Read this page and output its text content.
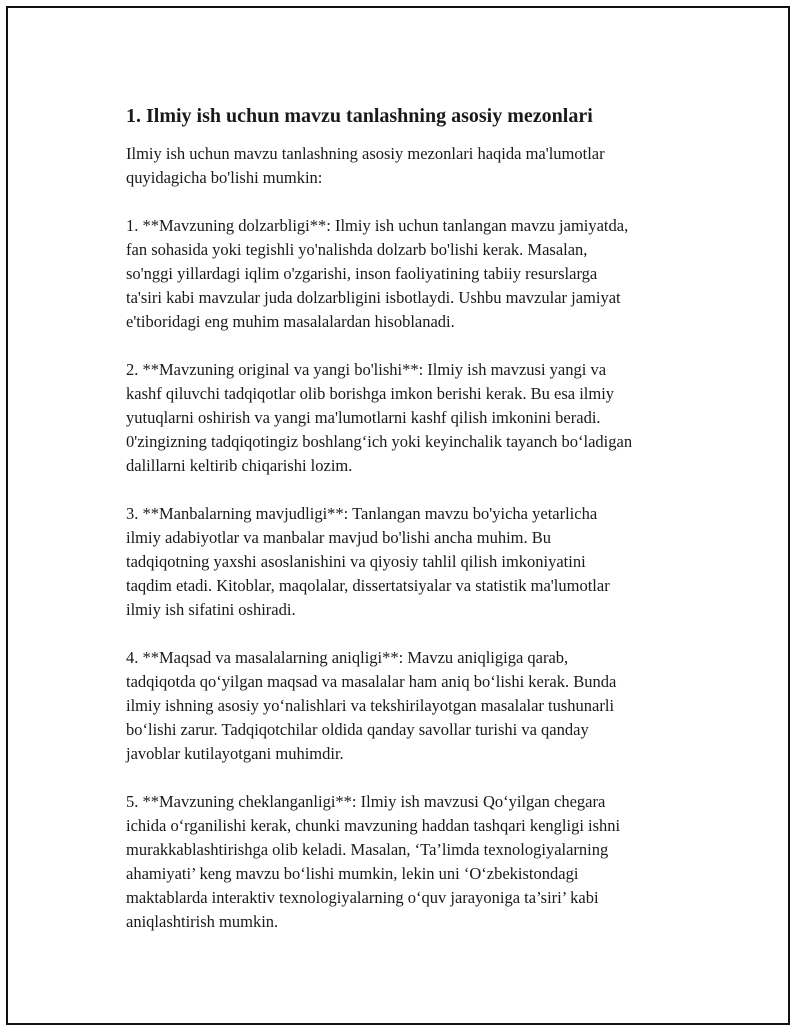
1. Ilmiy ish uchun mavzu tanlashning asosiy mezonlari

Ilmiy ish uchun mavzu tanlashning asosiy mezonlari haqida ma'lumotlar
quyidagicha bo'lishi mumkin:

1. **Mavzuning dolzarbligi**: Ilmiy ish uchun tanlangan mavzu jamiyatda,
fan sohasida yoki tegishli yo'nalishda dolzarb bo'lishi kerak. Masalan,
so'nggi yillardagi iqlim o'zgarishi, inson faoliyatining tabiiy resurslarga
ta'siri kabi mavzular juda dolzarbligini isbotlaydi. Ushbu mavzular jamiyat
e'tiboridagi eng muhim masalalardan hisoblanadi.

2. **Mavzuning original va yangi bo'lishi**: Ilmiy ish mavzusi yangi va
kashf qiluvchi tadqiqotlar olib borishga imkon berishi kerak. Bu esa ilmiy
yutuqlarni oshirish va yangi ma'lumotlarni kashf qilish imkonini beradi.
0'zingizning tadqiqotingiz boshlang‘ich yoki keyinchalik tayanch bo‘ladigan
dalillarni keltirib chiqarishi lozim.

3. **Manbalarning mavjudligi**: Tanlangan mavzu bo'yicha yetarlicha
ilmiy adabiyotlar va manbalar mavjud bo'lishi ancha muhim. Bu
tadqiqotning yaxshi asoslanishini va qiyosiy tahlil qilish imkoniyatini
taqdim etadi. Kitoblar, maqolalar, dissertatsiyalar va statistik ma'lumotlar
ilmiy ish sifatini oshiradi.

4. **Maqsad va masalalarning aniqligi**: Mavzu aniqligiga qarab,
tadqiqotda qo‘yilgan maqsad va masalalar ham aniq bo‘lishi kerak. Bunda
ilmiy ishning asosiy yo‘nalishlari va tekshirilayotgan masalalar tushunarli
bo‘lishi zarur. Tadqiqotchilar oldida qanday savollar turishi va qanday
javoblar kutilayotgani muhimdir.

5. **Mavzuning cheklanganligi**: Ilmiy ish mavzusi Qo‘yilgan chegara
ichida o‘rganilishi kerak, chunki mavzuning haddan tashqari kengligi ishni
murakkablashtirishga olib keladi. Masalan, ‘Ta’limda texnologiyalarning
ahamiyati’ keng mavzu bo‘lishi mumkin, lekin uni ‘O‘zbekistondagi
maktablarda interaktiv texnologiyalarning o‘quv jarayoniga ta’siri’ kabi
aniqlashtirish mumkin.
